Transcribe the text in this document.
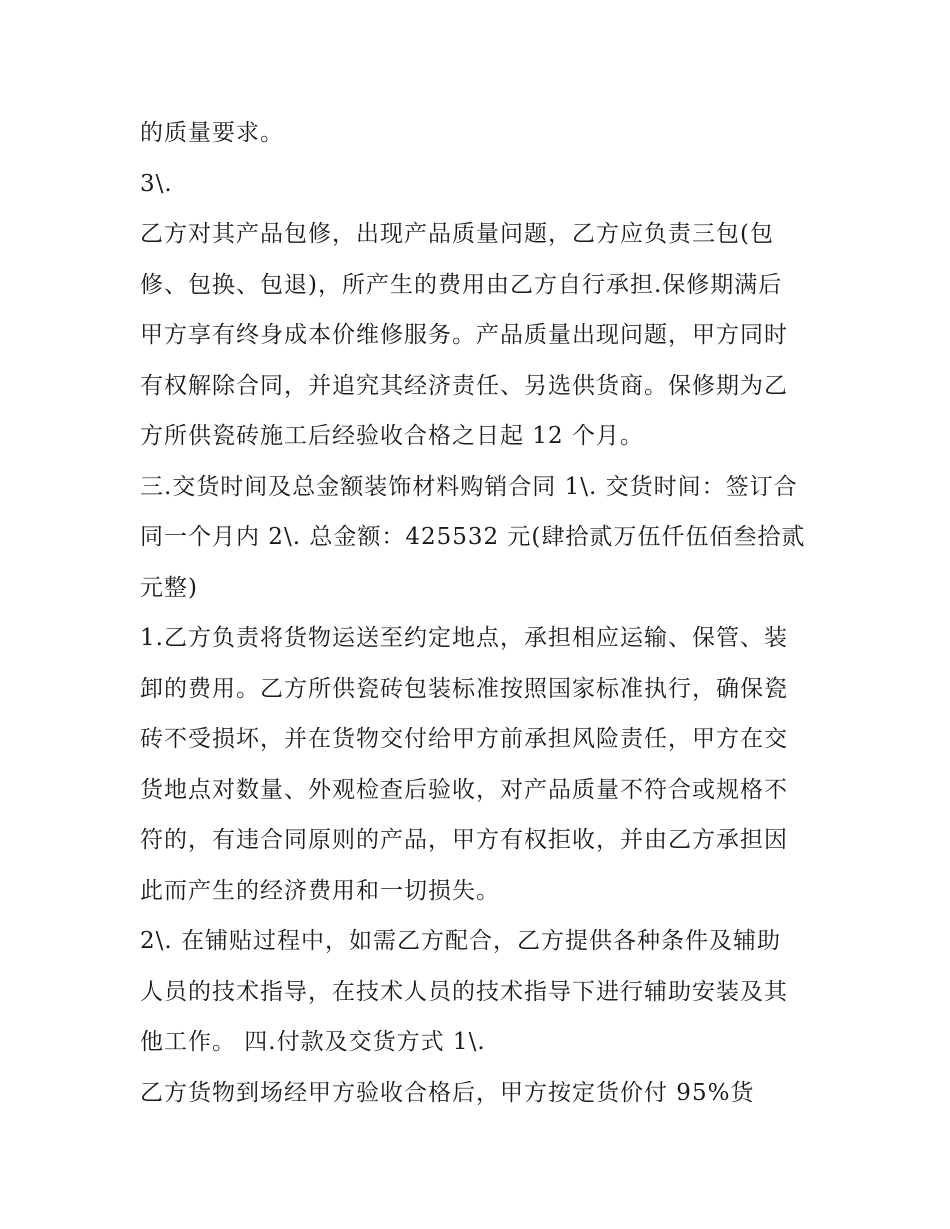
的质量要求。
3\.
乙方对其产品包修，出现产品质量问题，乙方应负责三包(包
修、包换、包退)，所产生的费用由乙方自行承担.保修期满后
甲方享有终身成本价维修服务。产品质量出现问题，甲方同时
有权解除合同，并追究其经济责任、另选供货商。保修期为乙
方所供瓷砖施工后经验收合格之日起 12 个月。
三.交货时间及总金额装饰材料购销合同 1\. 交货时间：签订合
同一个月内 2\. 总金额：425532 元(肆拾贰万伍仟伍佰叁拾贰
元整)
1.乙方负责将货物运送至约定地点，承担相应运输、保管、装
卸的费用。乙方所供瓷砖包装标准按照国家标准执行，确保瓷
砖不受损坏，并在货物交付给甲方前承担风险责任，甲方在交
货地点对数量、外观检查后验收，对产品质量不符合或规格不
符的，有违合同原则的产品，甲方有权拒收，并由乙方承担因
此而产生的经济费用和一切损失。
2\. 在铺贴过程中，如需乙方配合，乙方提供各种条件及辅助
人员的技术指导，在技术人员的技术指导下进行辅助安装及其
他工作。 四.付款及交货方式 1\.
乙方货物到场经甲方验收合格后，甲方按定货价付 95%货
